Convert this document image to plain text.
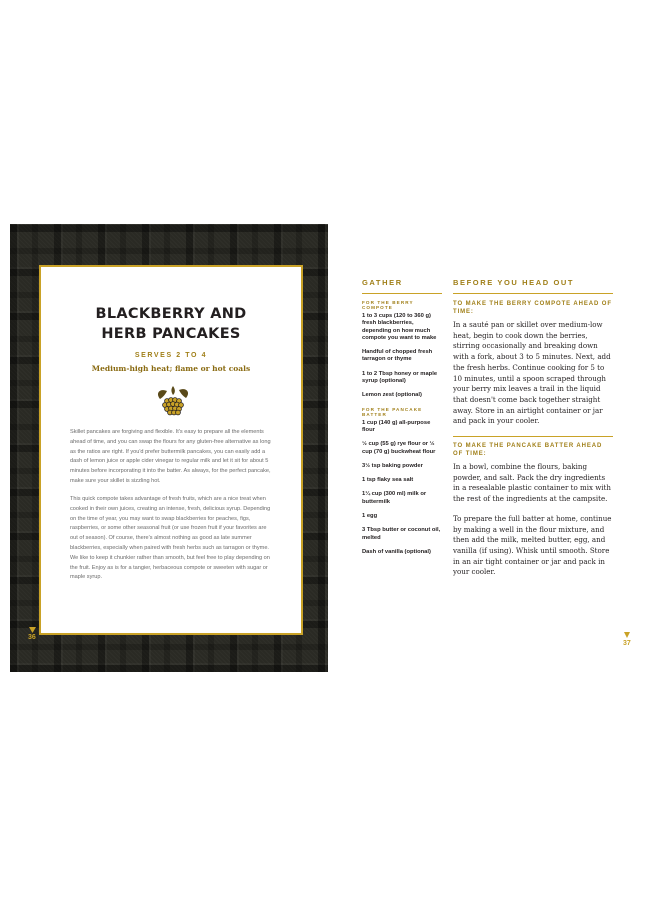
BLACKBERRY AND
HERB PANCAKES
SERVES 2 TO 4
Medium-high heat; flame or hot coals

Skillet pancakes are forgiving and flexible. It's easy to prepare all the elements ahead of time, and you can swap the flours for any gluten-free alternative as long as the ratios are right. If you'd prefer buttermilk pancakes, you can easily add a dash of lemon juice or apple cider vinegar to regular milk and let it sit for about 5 minutes before incorporating it into the batter. As always, for the perfect pancake, make sure your skillet is sizzling hot.

This quick compote takes advantage of fresh fruits, which are a nice treat when cooked in their own juices, creating an intense, fresh, delicious syrup. Depending on the time of year, you may want to swap blackberries for peaches, figs, raspberries, or some other seasonal fruit (or use frozen fruit if your favorites are out of season). Of course, there's almost nothing as good as late summer blackberries, especially when paired with fresh herbs such as tarragon or thyme. We like to keep it chunkier rather than smooth, but feel free to play depending on the fruit. Enjoy as is for a tangier, herbaceous compote or sweeten with sugar or maple syrup.

36
GATHER
FOR THE BERRY COMPOTE
1 to 3 cups (120 to 360 g) fresh blackberries, depending on how much compote you want to make
Handful of chopped fresh tarragon or thyme
1 to 2 Tbsp honey or maple syrup (optional)
Lemon zest (optional)
FOR THE PANCAKE BATTER
1 cup (140 g) all-purpose flour
½ cup (55 g) rye flour or ½ cup (70 g) buckwheat flour
3½ tsp baking powder
1 tsp flaky sea salt
1¼ cup (300 ml) milk or buttermilk
1 egg
3 Tbsp butter or coconut oil, melted
Dash of vanilla (optional)
BEFORE YOU HEAD OUT
TO MAKE THE BERRY COMPOTE AHEAD OF TIME:

In a sauté pan or skillet over medium-low heat, begin to cook down the berries, stirring occasionally and breaking down with a fork, about 3 to 5 minutes. Next, add the fresh herbs. Continue cooking for 5 to 10 minutes, until a spoon scraped through your berry mix leaves a trail in the liquid that doesn't come back together straight away. Store in an airtight container or jar and pack in your cooler.

TO MAKE THE PANCAKE BATTER AHEAD OF TIME:

In a bowl, combine the flours, baking powder, and salt. Pack the dry ingredients in a resealable plastic container to mix with the rest of the ingredients at the campsite.

To prepare the full batter at home, continue by making a well in the flour mixture, and then add the milk, melted butter, egg, and vanilla (if using). Whisk until smooth. Store in an air tight container or jar and pack in your cooler.

37
